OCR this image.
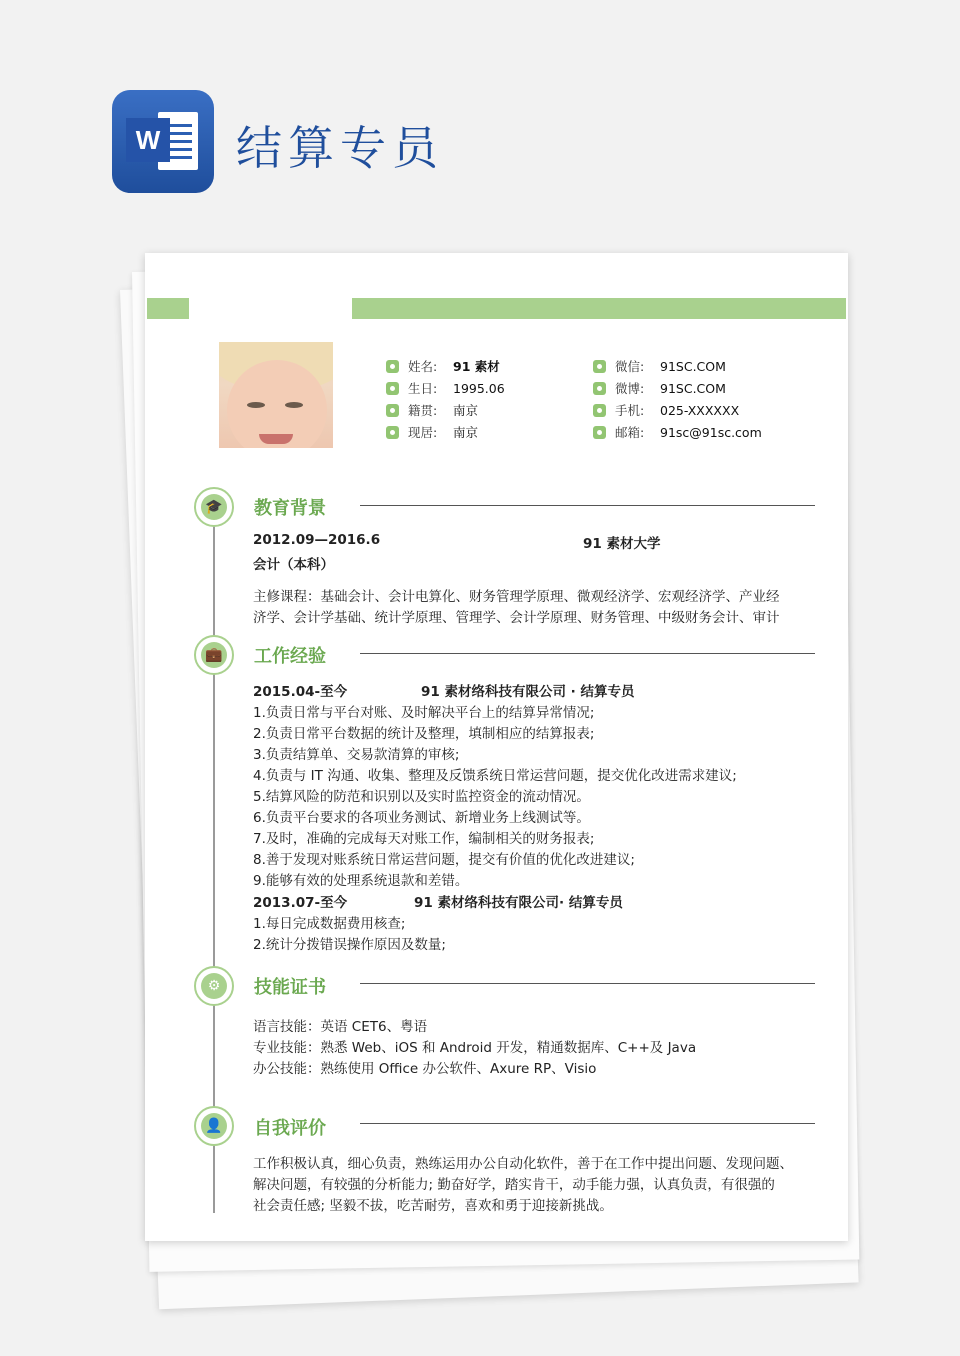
W 结算专员
姓名:	91 素材
生日:	1995.06
籍贯:	南京
现居:	南京
微信:	91SC.COM
微博:	91SC.COM
手机:	025-XXXXXX
邮箱:	91sc@91sc.com
🎓 教育背景
2012.09—2016.6	91 素材大学
会计（本科）
主修课程：基础会计、会计电算化、财务管理学原理、微观经济学、宏观经济学、产业经
济学、会计学基础、统计学原理、管理学、会计学原理、财务管理、中级财务会计、审计
💼 工作经验
2015.04-至今	91 素材络科技有限公司 · 结算专员
1.负责日常与平台对账、及时解决平台上的结算异常情况;
2.负责日常平台数据的统计及整理，填制相应的结算报表;
3.负责结算单、交易款清算的审核;
4.负责与 IT 沟通、收集、整理及反馈系统日常运营问题，提交优化改进需求建议;
5.结算风险的防范和识别以及实时监控资金的流动情况。
6.负责平台要求的各项业务测试、新增业务上线测试等。
7.及时，准确的完成每天对账工作，编制相关的财务报表;
8.善于发现对账系统日常运营问题，提交有价值的优化改进建议;
9.能够有效的处理系统退款和差错。
2013.07-至今	91 素材络科技有限公司· 结算专员
1.每日完成数据费用核查;
2.统计分拨错误操作原因及数量;
⚙	技能证书
语言技能：英语 CET6、粤语
专业技能：熟悉 Web、iOS 和 Android 开发，精通数据库、C++及 Java
办公技能：熟练使用 Office 办公软件、Axure RP、Visio
👤 自我评价
工作积极认真，细心负责，熟练运用办公自动化软件，善于在工作中提出问题、发现问题、
解决问题，有较强的分析能力; 勤奋好学，踏实肯干，动手能力强，认真负责，有很强的
社会责任感; 坚毅不拔，吃苦耐劳，喜欢和勇于迎接新挑战。
